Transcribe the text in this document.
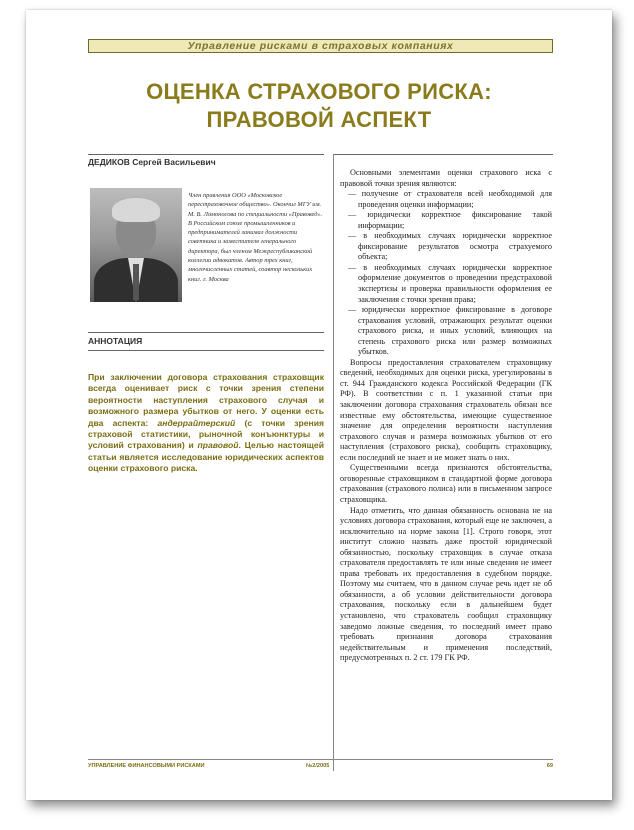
Управление рисками в страховых компаниях
ОЦЕНКА СТРАХОВОГО РИСКА:
ПРАВОВОЙ АСПЕКТ
ДЕДИКОВ Сергей Васильевич
Член правления ООО «Московское перестраховочное общество». Окончил МГУ им. М. В. Ломоносова по специальности «Правовед». В Российском союзе промышленников и предпринимателей занимал должности советника и заместителя генерального директора, был членом Межреспубликанской коллегии адвокатов. Автор трех книг, многочисленных статей, соавтор нескольких книг. г. Москва
АННОТАЦИЯ
При заключении договора страхования страховщик всегда оценивает риск с точки зрения степени вероятности наступления страхового случая и возможного размера убытков от него. У оценки есть два аспекта: андеррайтерский (с точки зрения страховой статистики, рыночной конъюнктуры и условий страхования) и правовой. Целью настоящей статьи является исследование юридических аспектов оценки страхового риска.

Основными элементами оценки страхового иска с правовой точки зрения являются:

— получение от страхователя всей необходимой для проведения оценки информации;
— юридически корректное фиксирование такой информации;
— в необходимых случаях юридически корректное фиксирование результатов осмотра страхуемого объекта;
— в необходимых случаях юридически корректное оформление документов о проведении предстраховой экспертизы и проверка правильности оформления ее заключения с точки зрения права;
— юридически корректное фиксирование в договоре страхования условий, отражающих результат оценки страхового риска, и иных условий, влияющих на степень страхового риска или размер возможных убытков.

Вопросы предоставления страхователем страховщику сведений, необходимых для оценки риска, урегулированы в ст. 944 Гражданского кодекса Российской Федерации (ГК РФ). В соответствии с п. 1 указанной статьи при заключении договора страхования страхователь обязан все известные ему обстоятельства, имеющие существенное значение для определения вероятности наступления страхового случая и размера возможных убытков от его наступления (страхового риска), сообщить страховщику, если последний не знает и не может знать о них.

Существенными всегда признаются обстоятельства, оговоренные страховщиком в стандартной форме договора страхования (страхового полиса) или в письменном запросе страховщика.

Надо отметить, что данная обязанность основана не на условиях договора страхования, который еще не заключен, а исключительно на норме закона [1]. Строго говоря, этот институт сложно назвать даже простой юридической обязанностью, поскольку страховщик в случае отказа страхователя предоставлять те или иные сведения не имеет права требовать их предоставления в судебном порядке. Поэтому мы считаем, что в данном случае речь идет не об обязанности, а об условии действительности договора страхования, поскольку если в дальнейшем будет установлено, что страхователь сообщил страховщику заведомо ложные сведения, то последний имеет право требовать признания договора страхования недействительным и применения последствий, предусмотренных п. 2 ст. 179 ГК РФ.

УПРАВЛЕНИЕ ФИНАНСОВЫМИ РИСКАМИ	№2/2005	69
